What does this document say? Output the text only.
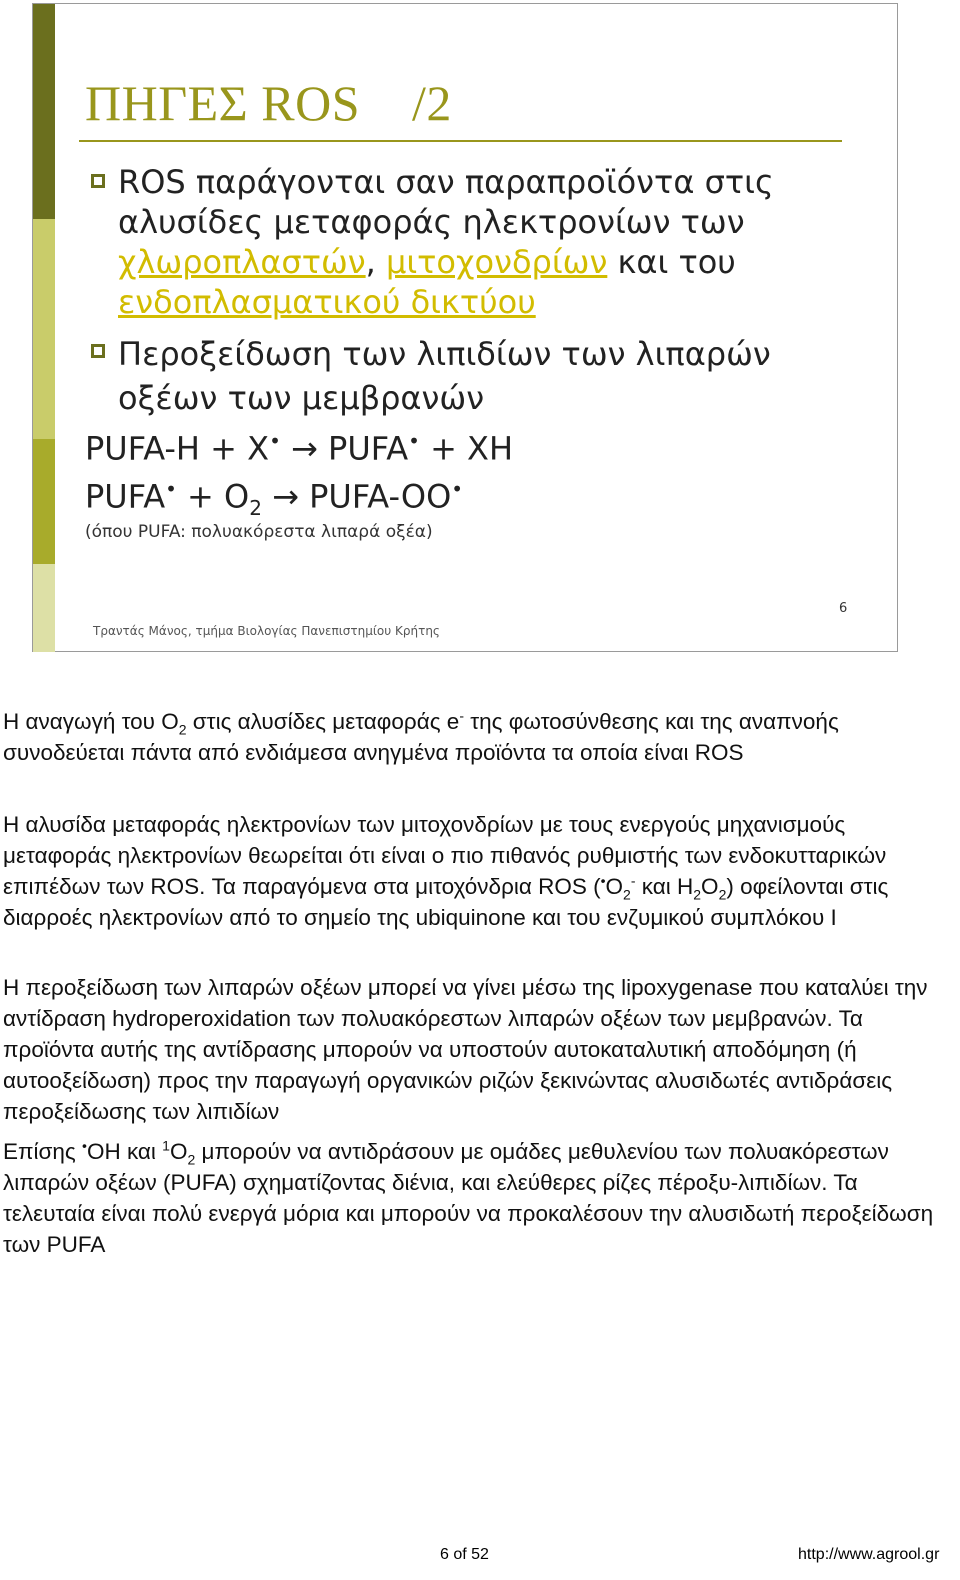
ΠΗΓΕΣ ROS    /2
ROS παράγονται σαν παραπροϊόντα στις αλυσίδες μεταφοράς ηλεκτρονίων των χλωροπλαστών, μιτοχονδρίων και του ενδοπλασματικού δικτύου
Περοξείδωση των λιπιδίων των λιπαρών οξέων των μεμβρανών
PUFA-H + X• → PUFA• + XH
PUFA• + $O_2$ → PUFA-OO•
(όπου PUFA: πολυακόρεστα λιπαρά οξέα)
Τραντάς Μάνος, τμήμα Βιολογίας Πανεπιστημίου Κρήτης
6
Η αναγωγή του $O_2$ στις αλυσίδες μεταφοράς e- της φωτοσύνθεσης και της αναπνοής συνοδεύεται πάντα από ενδιάμεσα ανηγμένα προϊόντα τα οποία είναι ROS
Η αλυσίδα μεταφοράς ηλεκτρονίων των μιτοχονδρίων με τους ενεργούς μηχανισμούς μεταφοράς ηλεκτρονίων θεωρείται ότι είναι ο πιο πιθανός ρυθμιστής των ενδοκυτταρικών επιπέδων των ROS. Τα παραγόμενα στα μιτοχόνδρια ROS ($^•O_2^-$ και $H_2O_2$) οφείλονται στις διαρροές ηλεκτρονίων από το σημείο της ubiquinone και του ενζυμικού συμπλόκου I
Η περοξείδωση των λιπαρών οξέων μπορεί να γίνει μέσω της lipoxygenase που καταλύει την αντίδραση hydroperoxidation των πολυακόρεστων λιπαρών οξέων των μεμβρανών. Τα προϊόντα αυτής της αντίδρασης μπορούν να υποστούν αυτοκαταλυτική αποδόμηση (ή αυτοοξείδωση) προς την παραγωγή οργανικών ριζών ξεκινώντας αλυσιδωτές αντιδράσεις περοξείδωσης των λιπιδίων
Επίσης •OH και $^1O_2$ μπορούν να αντιδράσουν με ομάδες μεθυλενίου των πολυακόρεστων λιπαρών οξέων (PUFA) σχηματίζοντας διένια, και ελεύθερες ρίζες πέροξυ-λιπιδίων. Τα τελευταία είναι πολύ ενεργά μόρια και μπορούν να προκαλέσουν την αλυσιδωτή περοξείδωση των PUFA
6 of 52	http://www.agrool.gr
